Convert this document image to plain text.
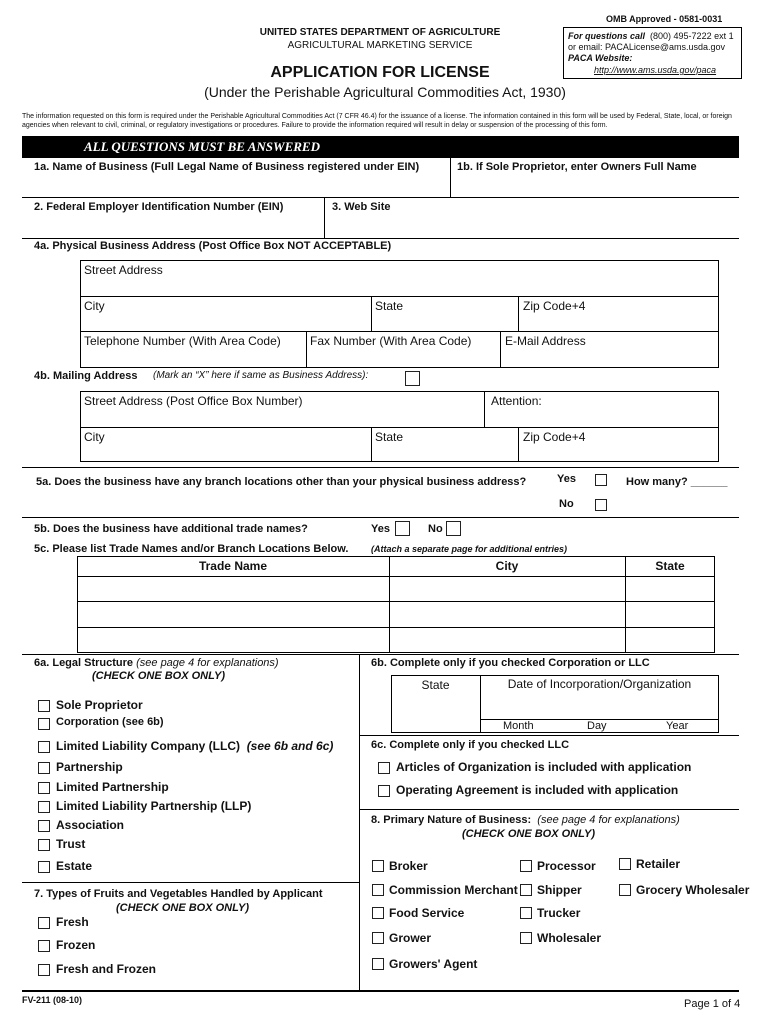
OMB Approved - 0581-0031
UNITED STATES DEPARTMENT OF AGRICULTURE
AGRICULTURAL MARKETING SERVICE
For questions call (800) 495-7222 ext 1
or email: PACALicense@ams.usda.gov
PACA Website:
http://www.ams.usda.gov/paca
APPLICATION FOR LICENSE
(Under the Perishable Agricultural Commodities Act, 1930)
The information requested on this form is required under the Perishable Agricultural Commodities Act (7 CFR 46.4) for the issuance of a license. The information contained in this form will be used by Federal, State, local, or foreign agencies when relevant to civil, criminal, or regulatory investigations or procedures. Failure to provide the information required will result in delay or suspension of the processing of this form.
ALL QUESTIONS MUST BE ANSWERED
1a. Name of Business (Full Legal Name of Business registered under EIN)	1b. If Sole Proprietor, enter Owners Full Name
2. Federal Employer Identification Number (EIN)	3. Web Site
4a. Physical Business Address (Post Office Box NOT ACCEPTABLE)
Street Address
City	State	Zip Code+4
Telephone Number (With Area Code) Fax Number (With Area Code)	E-Mail Address
4b. Mailing Address (Mark an “X” here if same as Business Address):
Street Address (Post Office Box Number)	Attention:
City	State	Zip Code+4
5a. Does the business have any branch locations other than your physical business address?	Yes	How many? ______
No
5b. Does the business have additional trade names?	Yes	No
5c. Please list Trade Names and/or Branch Locations Below.	(Attach a separate page for additional entries)
Trade Name	City	State
6a. Legal Structure (see page 4 for explanations)
(CHECK ONE BOX ONLY)
Sole Proprietor
Corporation (see 6b)
Limited Liability Company (LLC) (see 6b and 6c)
Partnership
Limited Partnership
Limited Liability Partnership (LLP)
Association
Trust
Estate
7. Types of Fruits and Vegetables Handled by Applicant
(CHECK ONE BOX ONLY)
Fresh
Frozen
Fresh and Frozen
6b. Complete only if you checked Corporation or LLC
State	Date of Incorporation/Organization
Month	Day	Year
6c. Complete only if you checked LLC
Articles of Organization is included with application
Operating Agreement is included with application
8. Primary Nature of Business: (see page 4 for explanations)
(CHECK ONE BOX ONLY)
Broker
Commission Merchant
Food Service
Grower
Growers' Agent
Processor
Shipper
Trucker
Wholesaler
Retailer
Grocery Wholesaler
FV-211 (08-10)	Page 1 of 4
